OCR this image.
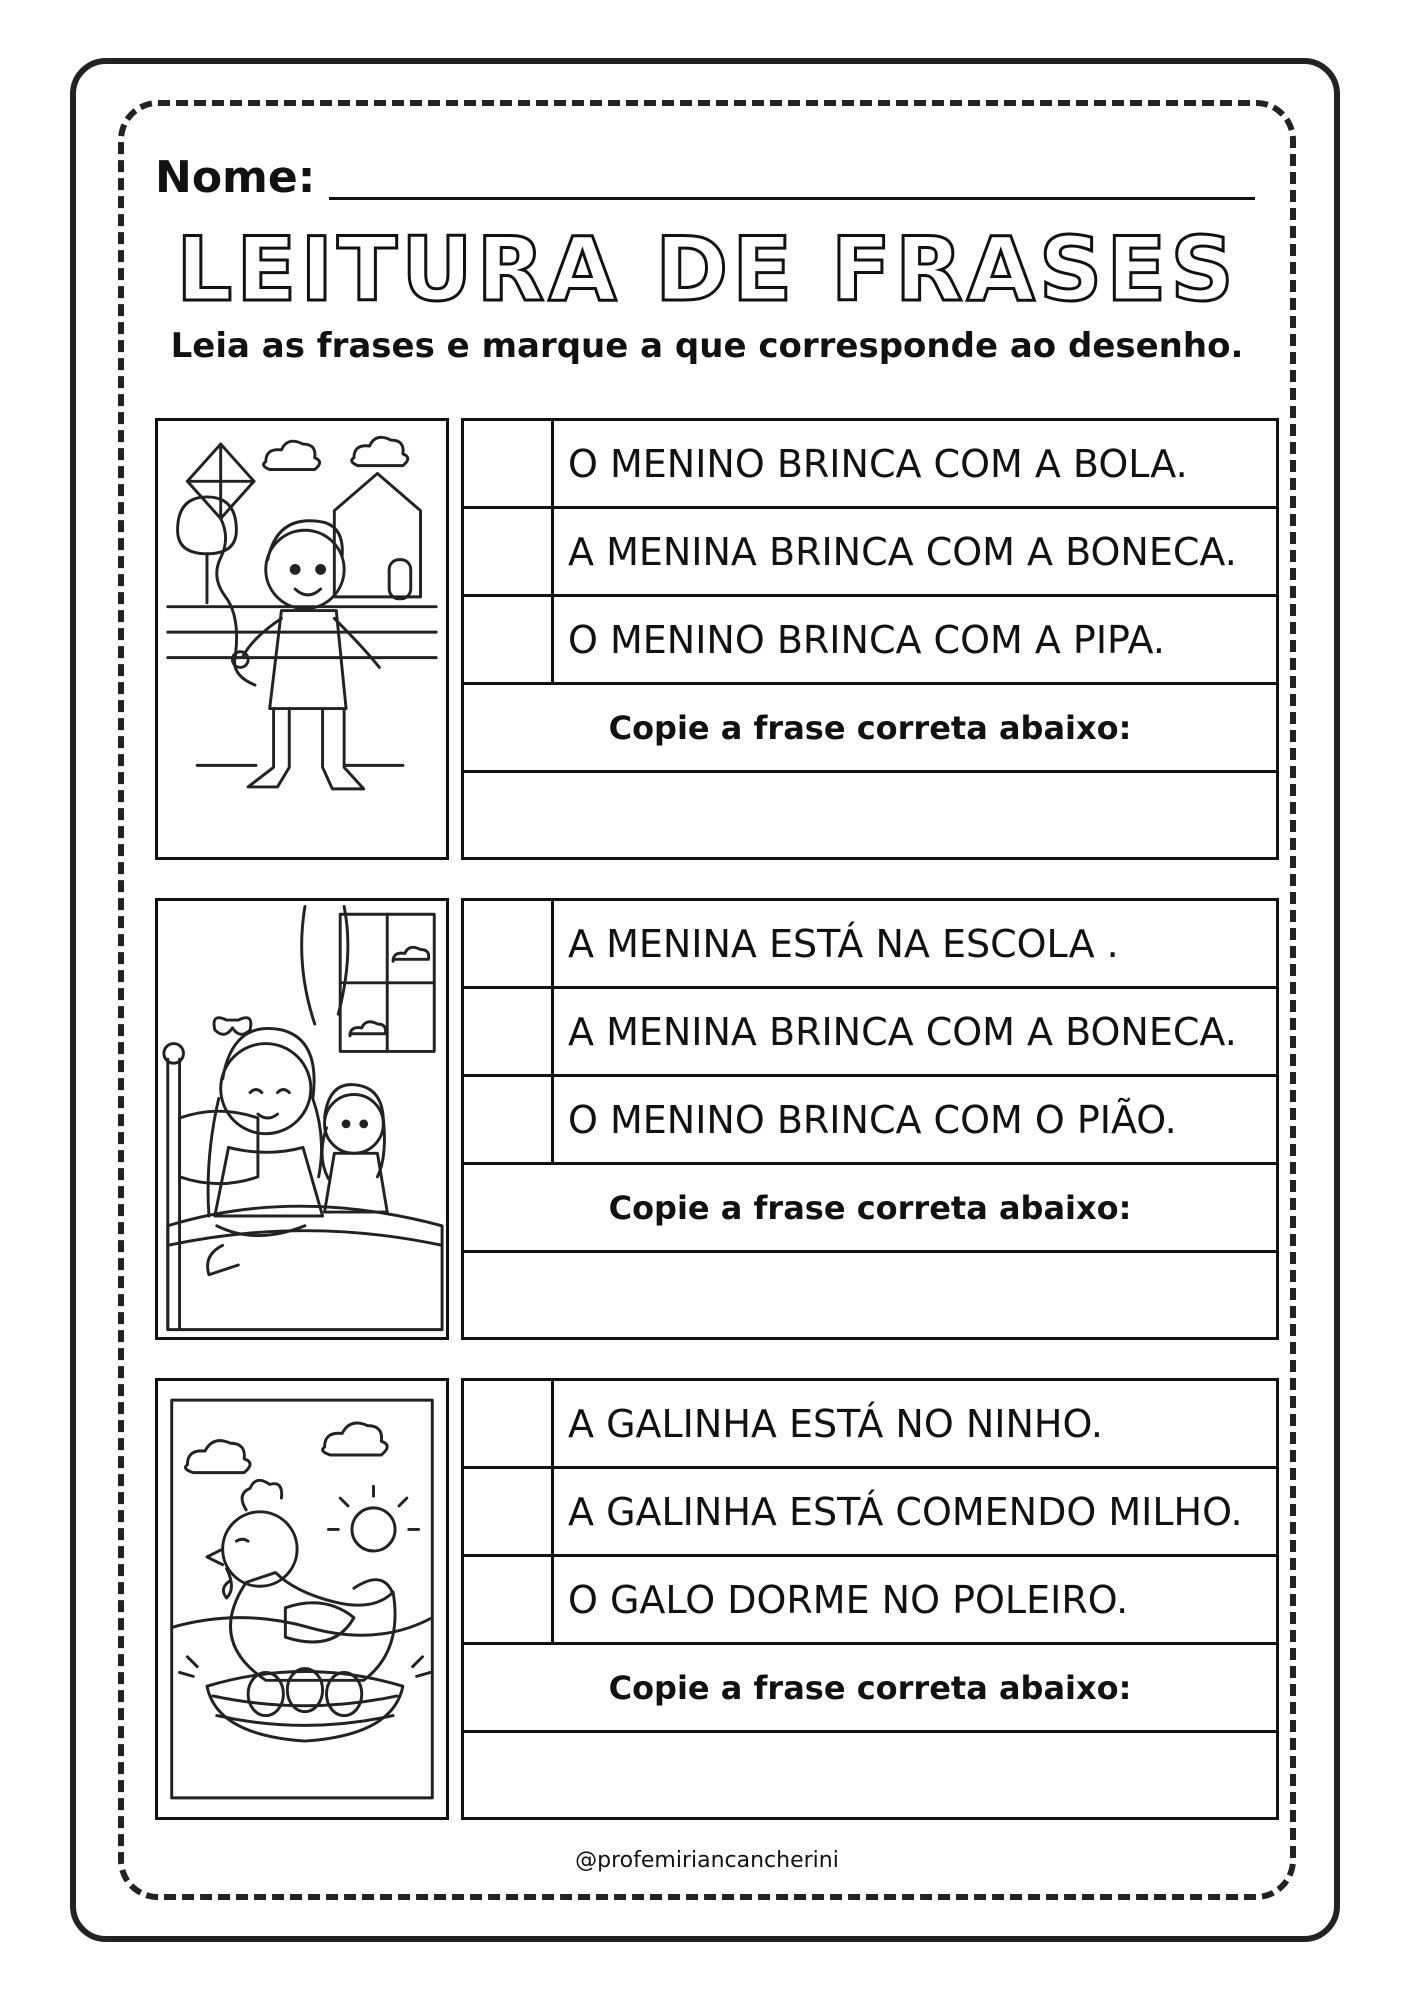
Nome:
LEITURA DE FRASES
Leia as frases e marque a que corresponde ao desenho.
O MENINO BRINCA COM A BOLA.
A MENINA BRINCA COM A BONECA.
O MENINO BRINCA COM A PIPA.
Copie a frase correta abaixo:
A MENINA ESTÁ NA ESCOLA .
A MENINA BRINCA COM A BONECA.
O MENINO BRINCA COM O PIÃO.
Copie a frase correta abaixo:
A GALINHA ESTÁ NO NINHO.
A GALINHA ESTÁ COMENDO MILHO.
O GALO DORME NO POLEIRO.
Copie a frase correta abaixo:
@profemiriancancherini
